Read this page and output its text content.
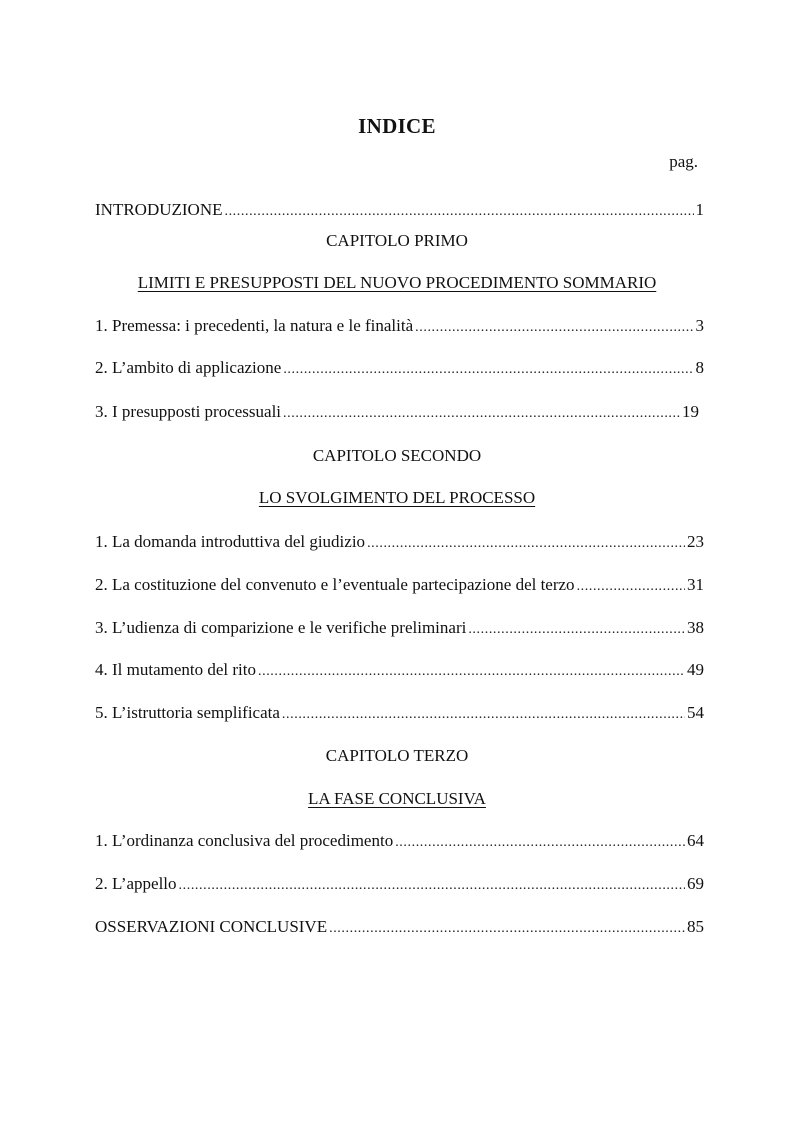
INDICE
pag.
INTRODUZIONE .....	1
CAPITOLO PRIMO
LIMITI E PRESUPPOSTI DEL NUOVO PROCEDIMENTO SOMMARIO
1. Premessa: i precedenti, la natura e le finalità .....	3
2. L’ambito di applicazione .....	8
3. I presupposti processuali .....	19
CAPITOLO SECONDO
LO SVOLGIMENTO DEL PROCESSO
1. La domanda introduttiva del giudizio .....	23
2. La costituzione del convenuto e l’eventuale partecipazione del terzo .....	31
3. L’udienza di comparizione e le verifiche preliminari .....	38
4. Il mutamento del rito .....	49
5. L’istruttoria semplificata .....	54
CAPITOLO TERZO
LA FASE CONCLUSIVA
1. L’ordinanza conclusiva del procedimento .....	64
2. L’appello .....	69
OSSERVAZIONI CONCLUSIVE .....	85
